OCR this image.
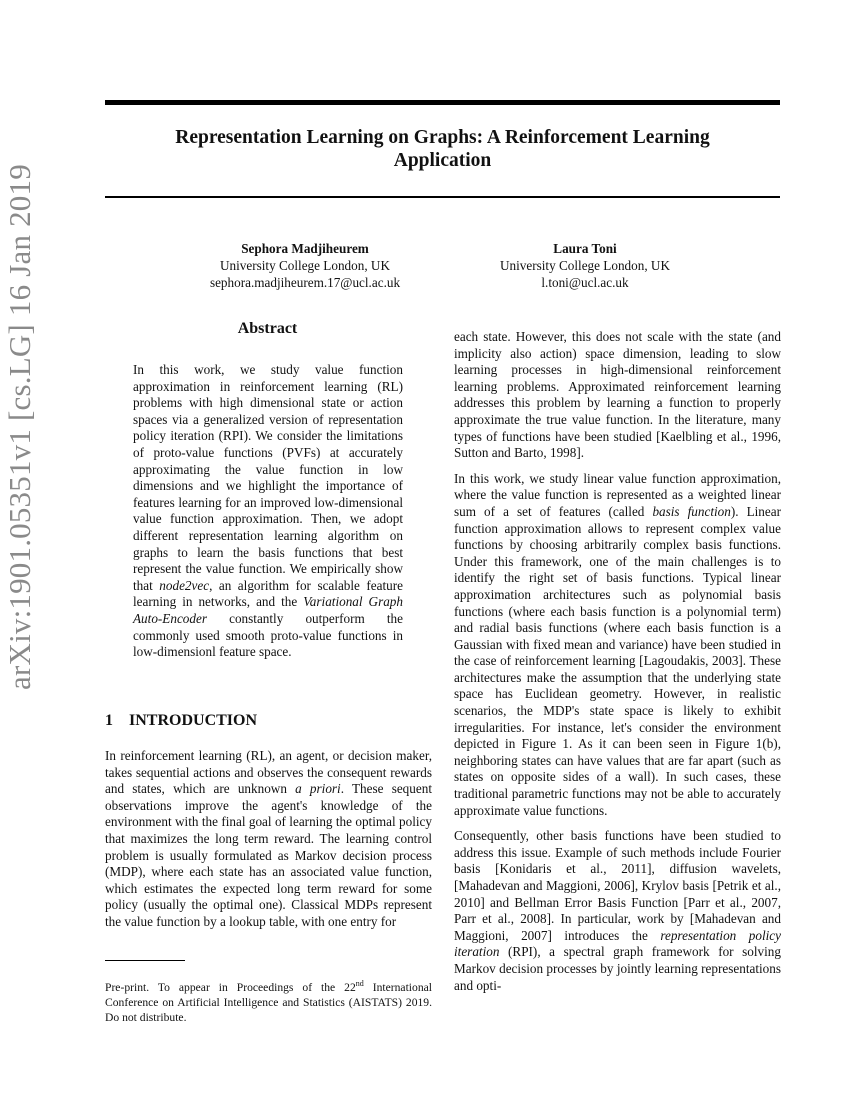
arXiv:1901.05351v1 [cs.LG] 16 Jan 2019
Representation Learning on Graphs: A Reinforcement Learning
Application
Sephora Madjiheurem
University College London, UK
sephora.madjiheurem.17@ucl.ac.uk
Laura Toni
University College London, UK
l.toni@ucl.ac.uk
Abstract

In this work, we study value function approximation in reinforcement learning (RL) problems with high dimensional state or action spaces via a generalized version of representation policy iteration (RPI). We consider the limitations of proto-value functions (PVFs) at accurately approximating the value function in low dimensions and we highlight the importance of features learning for an improved low-dimensional value function approximation. Then, we adopt different representation learning algorithm on graphs to learn the basis functions that best represent the value function. We empirically show that node2vec, an algorithm for scalable feature learning in networks, and the Variational Graph Auto-Encoder constantly outperform the commonly used smooth proto-value functions in low-dimensionl feature space.

1 INTRODUCTION

In reinforcement learning (RL), an agent, or decision maker, takes sequential actions and observes the consequent rewards and states, which are unknown a priori. These sequent observations improve the agent's knowledge of the environment with the final goal of learning the optimal policy that maximizes the long term reward. The learning control problem is usually formulated as Markov decision process (MDP), where each state has an associated value function, which estimates the expected long term reward for some policy (usually the optimal one). Classical MDPs represent the value function by a lookup table, with one entry for

Pre-print. To appear in Proceedings of the 22nd International Conference on Artificial Intelligence and Statistics (AISTATS) 2019. Do not distribute.

each state. However, this does not scale with the state (and implicity also action) space dimension, leading to slow learning processes in high-dimensional reinforcement learning problems. Approximated reinforcement learning addresses this problem by learning a function to properly approximate the true value function. In the literature, many types of functions have been studied [Kaelbling et al., 1996, Sutton and Barto, 1998].

In this work, we study linear value function approximation, where the value function is represented as a weighted linear sum of a set of features (called basis function). Linear function approximation allows to represent complex value functions by choosing arbitrarily complex basis functions. Under this framework, one of the main challenges is to identify the right set of basis functions. Typical linear approximation architectures such as polynomial basis functions (where each basis function is a polynomial term) and radial basis functions (where each basis function is a Gaussian with fixed mean and variance) have been studied in the case of reinforcement learning [Lagoudakis, 2003]. These architectures make the assumption that the underlying state space has Euclidean geometry. However, in realistic scenarios, the MDP's state space is likely to exhibit irregularities. For instance, let's consider the environment depicted in Figure 1. As it can been seen in Figure 1(b), neighboring states can have values that are far apart (such as states on opposite sides of a wall). In such cases, these traditional parametric functions may not be able to accurately approximate value functions.

Consequently, other basis functions have been studied to address this issue. Example of such methods include Fourier basis [Konidaris et al., 2011], diffusion wavelets, [Mahadevan and Maggioni, 2006], Krylov basis [Petrik et al., 2010] and Bellman Error Basis Function [Parr et al., 2007, Parr et al., 2008]. In particular, work by [Mahadevan and Maggioni, 2007] introduces the representation policy iteration (RPI), a spectral graph framework for solving Markov decision processes by jointly learning representations and opti-
